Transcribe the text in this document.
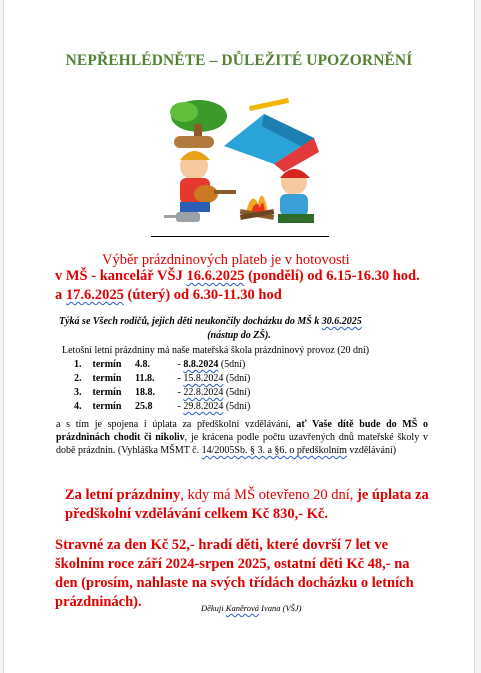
NEPŘEHLÉDNĚTE – DŮLEŽITÉ UPOZORNĚNÍ
Výběr prázdninových plateb je v hotovosti
v MŠ - kancelář VŠJ 16.6.2025 (pondělí) od 6.15-16.30 hod.
a 17.6.2025 (úterý) od 6.30-11.30 hod
Týká se Všech rodičů, jejich děti neukončily docházku do MŠ k 30.6.2025
(nástup do ZŠ).
Letošní letní prázdniny má naše mateřská škola prázdninový provoz (20 dní)
1. termín 4.8.	- 8.8.2024 (5dní)
2. termín 11.8. - 15.8.2024 (5dní)
3. termín 18.8. - 22.8.2024 (5dní)
4. termín 25.8	- 29.8.2024 (5dní)
a s tím je spojena i úplata za předškolní vzdělávání, ať Vaše dítě bude do MŠ o prázdninách chodit či nikoliv, je krácena podle počtu uzavřených dnů mateřské školy v době prázdnin. (Vyhláška MŠMT č. 14/2005Sb. § 3. a §6. o předškolním vzdělávání)
Za letní prázdniny, kdy má MŠ otevřeno 20 dní, je úplata za předškolní vzdělávání celkem Kč 830,- Kč.
Stravné za den Kč 52,- hradí děti, které dovrší 7 let ve školním roce září 2024-srpen 2025, ostatní děti Kč 48,- na den (prosím, nahlaste na svých třídách docházku o letních prázdninách).	Děkuji Kaněrová Ivana (VŠJ)
